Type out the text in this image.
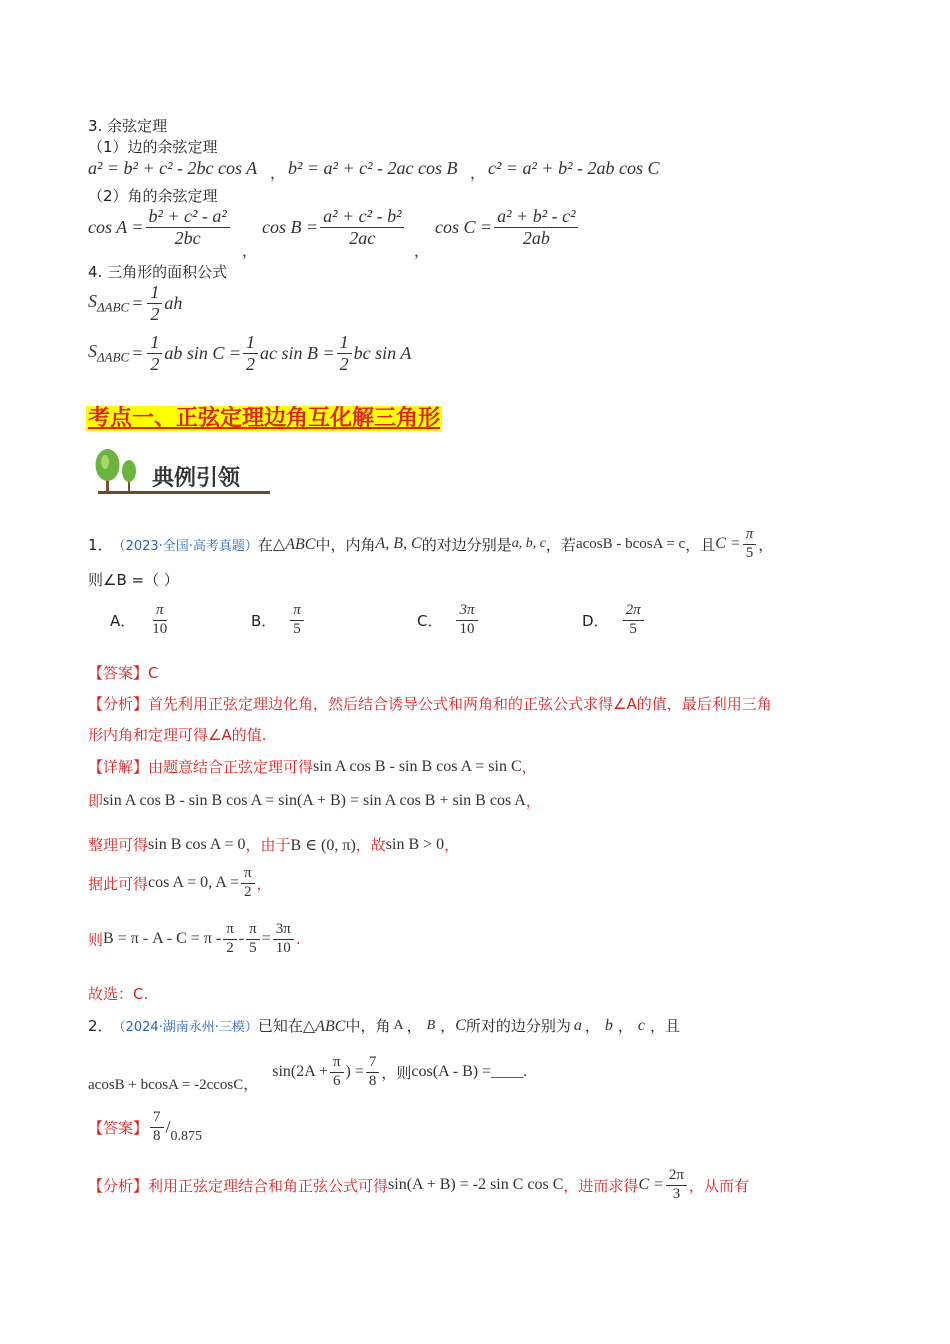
3. 余弦定理
（1）边的余弦定理
a² = b² + c² - 2bc cos A ， b² = a² + c² - 2ac cos B ， c² = a² + b² - 2ab cos C
（2）角的余弦定理
$\cos A = \frac{\text{b² + c² - a²}}{2bc}$
，
$\cos B = \frac{\text{a² + c² - b²}}{2ac}$
，
$\cos C = \frac{\text{a² + b² - c²}}{2ab}$
4. 三角形的面积公式
$S_{\Delta ABC} = \frac{1}{2}$ ah
$S_{\Delta ABC} = \frac{1}{2}$ ab $\sin C = \frac{1}{2}$ ac $\sin B = \frac{1}{2}$ bc sin A
考点一、正弦定理边角互化解三角形
典例引领
1． （2023·全国·高考真题） 在 △ABC 中，内角 A, B, C 的对边分别是 a, b, c ，若 acosB - bcosA = c ，且 $C = \frac{\pi}{5}$ ，
则∠B =（ ）
A． $\frac{\pi}{10}$	B． $\frac{\pi}{5}$	C． $\frac{3\pi}{10}$	D． $\frac{2\pi}{5}$
【答案】C
【分析】首先利用正弦定理边化角，然后结合诱导公式和两角和的正弦公式求得∠A的值，最后利用三角
形内角和定理可得∠A的值.
【详解】 由题意结合正弦定理可得 sin A cos B - sin B cos A = sin C ，
即 sin A cos B - sin B cos A = sin(A + B) = sin A cos B + sin B cos A ，
整理可得 sin B cos A = 0 ，由于 B ∈ (0, π) ，故 sin B > 0 ，
据此可得 cos A = 0, $A = \frac{\pi}{2}$ ，
则 $B = \pi - A - C = \pi - \frac{\pi}{2} - \frac{\pi}{5} = \frac{3\pi}{10}$ .
故选：C.
2． （2024·湖南永州·三模） 已知在 △ABC 中，角 A ， B ， C 所对的边分别为 a ， b ， c ，且
acosB + bcosA = -2ccosC ，
$\sin(2A + \frac{\pi}{6}$ ) = $\frac{7}{8}$ ，则 cos(A - B) = ____ .
【答案】 $\frac{7}{8} / 0.875$
【分析】 利用正弦定理结合和角正弦公式可得 sin(A + B) = -2 sin C cos C ，进而求得 $C = \frac{2\pi}{3}$ ，从而有
